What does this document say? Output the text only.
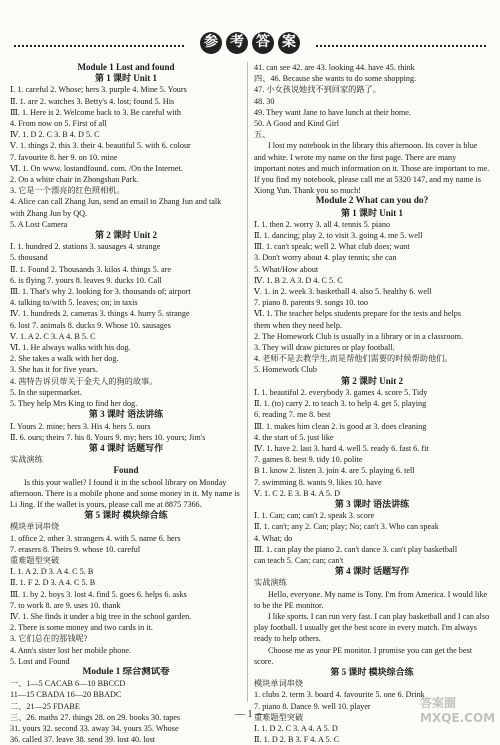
参 考 答 案
Module 1 Lost and found
第 1 课时 Unit 1
Ⅰ. 1. careful 2. Whose; hers 3. purple 4. Mine 5. Yours
Ⅱ. 1. are 2. watches 3. Betty's 4. lost; found 5. His
Ⅲ. 1. Here is 2. Welcome back to 3. Be careful with
4. From now on 5. First of all
Ⅳ. 1. D 2. C 3. B 4. D 5. C
Ⅴ. 1. things 2. this 3. their 4. beautiful 5. with 6. colour
7. favourite 8. her 9. on 10. mine
Ⅵ. 1. On www. lostandfound. com. /On the Internet.
2. On a white chair in Zhongshan Park.
3. 它是一个漂亮的红色照相机。
4. Alice can call Zhang Jun, send an email to Zhang Jun and talk
with Zhang Jun by QQ.
5. A Lost Camera
第 2 课时 Unit 2
Ⅰ. 1. hundred 2. stations 3. sausages 4. strange
5. thousand
Ⅱ. 1. Found 2. Thousands 3. kilos 4. things 5. are
6. is flying 7. yours 8. leaves 9. ducks 10. Call
Ⅲ. 1. That's why 2. looking for 3. thousands of; airport
4. talking to/with 5. leaves; on; in taxis
Ⅳ. 1. hundreds 2. cameras 3. things 4. hurry 5. strange
6. lost 7. animals 8. ducks 9. Whose 10. sausages
Ⅴ. 1. A 2. C 3. A 4. B 5. C
Ⅵ. 1. He always walks with his dog.
2. She takes a walk with her dog.
3. She has it for five years.
4. 茜特告诉贝蒂关于金夫人的狗的故事。
5. In the supermarket.
5. They help Mrs King to find her dog.
第 3 课时 语法讲练
Ⅰ. Yours 2. mine; hers 3. His 4. hers 5. ours
Ⅱ. 6. ours; theirs 7. his 8. Yours 9. my; hers 10. yours; Jim's
第 4 课时 话题写作
实战演练
Found
Is this your wallet? I found it in the school library on Monday afternoon. There is a mobile phone and some money in it. My name is Li Jing. If the wallet is yours, please call me at 8875 7366.
第 5 课时 模块综合练
模块单词串烧
1. office 2. other 3. strangers 4. with 5. name 6. hers
7. erasers 8. Theirs 9. whose 10. careful
重难题型突破
Ⅰ. 1. A 2. D 3. A 4. C 5. B
Ⅱ. 1. F 2. D 3. A 4. C 5. B
Ⅲ. 1. by 2. boys 3. lost 4. find 5. goes 6. helps 6. asks
7. to work 8. are 9. uses 10. thank
Ⅳ. 1. She finds it under a big tree in the school garden.
2. There is some money and two cards in it.
3. 它们总在的那钱呢?
4. Ann's sister lost her mobile phone.
5. Lost and Found
Module 1 综合测试卷
一、1—5 CACAB 6—10 BBCCD
11—15 CBADA 16—20 BBADC
二、21—25 FDABE
三、26. maths 27. things 28. on 29. books 30. tapes
31. yours 32. second 33. away 34. yours 35. Whose
36. called 37. leave 38. send 39. lost 40. lost
41. can see 42. are 43. looking 44. have 45. think
四、46. Because she wants to do some shopping.
47. 小女孩说她找不到回家的路了。
48. 30
49. They want Jane to have lunch at their home.
50. A Good and Kind Girl
五、
I lost my notebook in the library this afternoon. Its cover is blue and white. I wrote my name on the first page. There are many important notes and much information on it. Those are important to me. If you find my notebook, please call me at 5320 147, and my name is Xiong Yun. Thank you so much!
Module 2 What can you do?
第 1 课时 Unit 1
Ⅰ. 1. then 2. worry 3. all 4. tennis 5. piano
Ⅱ. 1. dancing; play 2. to visit 3. going 4. me 5. well
Ⅲ. 1. can't speak; well 2. What club does; want
3. Don't worry about 4. play tennis; she can
5. What/How about
Ⅳ. 1. B 2. A 3. D 4. C 5. C
Ⅴ. 1. in 2. week 3. basketball 4. also 5. healthy 6. well
7. piano 8. parents 9. songs 10. too
Ⅵ. 1. The teacher helps students prepare for the tests and helps
them when they need help.
2. The Homework Club is usually in a library or in a classroom.
3. They will draw pictures or play football.
4. 老师不是去教学生,而是帮他们需要的时候帮助他们。
5. Homework Club
第 2 课时 Unit 2
Ⅰ. 1. beautiful 2. everybody 3. games 4. score 5. Tidy
Ⅱ. 1. (to) carry 2. to teach 3. to help 4. get 5. playing
6. reading 7. me 8. best
Ⅲ. 1. makes him clean 2. is good at 3. does cleaning
4. the start of 5. just like
Ⅳ. 1. have 2. last 3. hard 4. well 5. ready 6. fast 6. fit
7. games 8. best 9. tidy 10. polite
B 1. know 2. listen 3. join 4. are 5. playing 6. tell
7. swimming 8. wants 9. likes 10. have
Ⅴ. 1. C 2. E 3. B 4. A 5. D
第 3 课时 语法讲练
Ⅰ. 1. Can; can; can't 2. speak 3. score
Ⅱ. 1. can't; any 2. Can; play; No; can't 3. Who can speak
4. What; do
Ⅲ. 1. can play the piano 2. can't dance 3. can't play basketball
can teach 5. Can; can; can't
第 4 课时 话题写作
实战演练
Hello, everyone. My name is Tony. I'm from America. I would like to be the PE monitor.
I like sports. I can run very fast. I can play basketball and I can also play football. I usually get the best score in every match. I'm always ready to help others.
Choose me as your PE monitor. I promise you can get the best score.
第 5 课时 模块综合练
模块单词串烧
1. clubs 2. term 3. board 4. favourite 5. one 6. Drink
7. piano 8. Dance 9. well 10. player
重难题型突破
Ⅰ. 1. D 2. C 3. A 4. A 5. D
Ⅱ. 1. D 2. B 3. F 4. A 5. C
— 1 —
答案圈 MXQE.COM
